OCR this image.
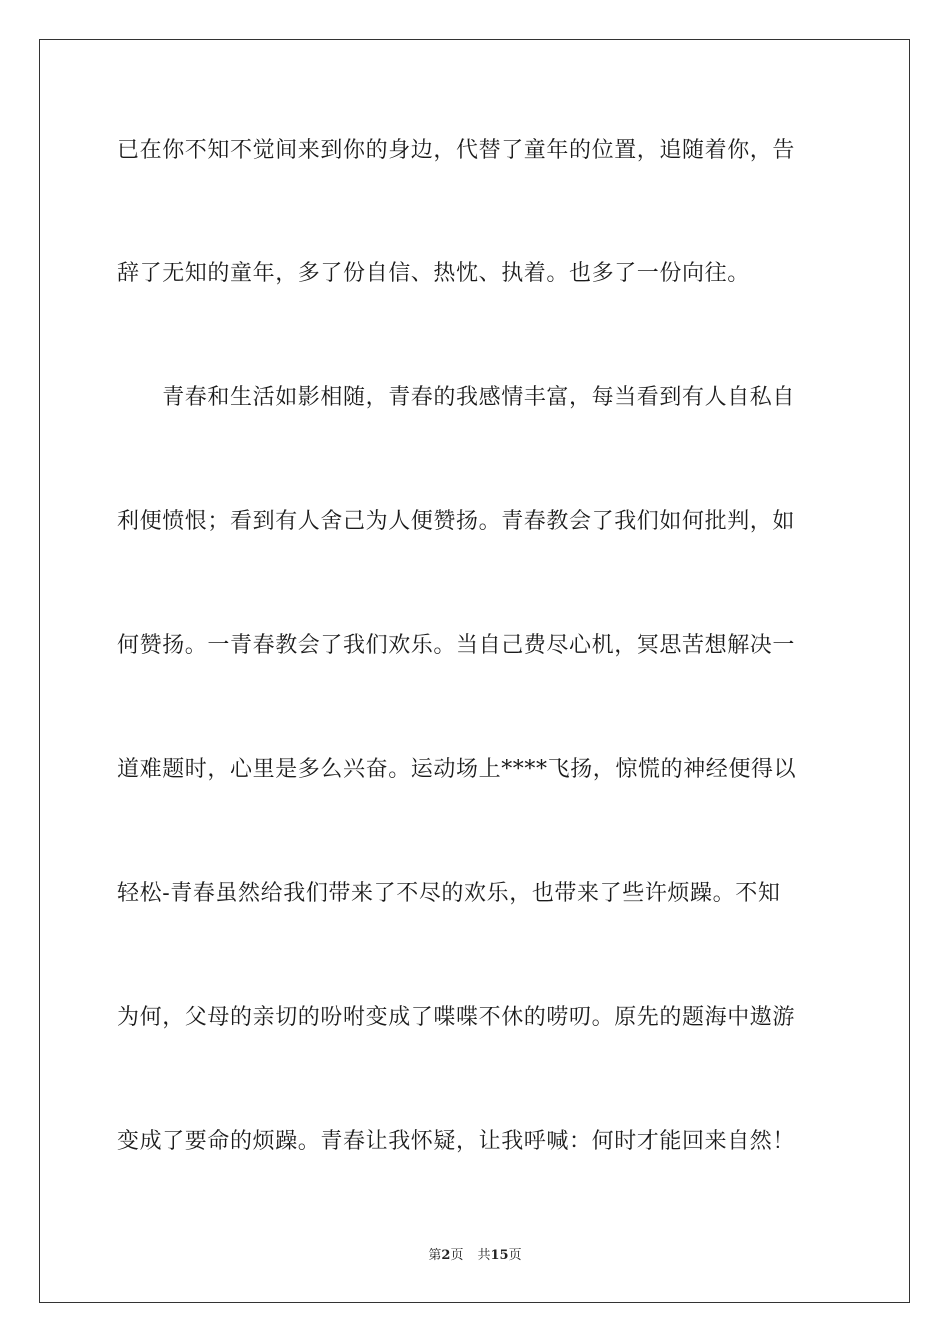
已在你不知不觉间来到你的身边，代替了童年的位置，追随着你，告
辞了无知的童年，多了份自信、热忱、执着。也多了一份向往。
　　青春和生活如影相随，青春的我感情丰富，每当看到有人自私自
利便愤恨；看到有人舍己为人便赞扬。青春教会了我们如何批判，如
何赞扬。一青春教会了我们欢乐。当自己费尽心机，冥思苦想解决一
道难题时，心里是多么兴奋。运动场上****飞扬，惊慌的神经便得以
轻松-青春虽然给我们带来了不尽的欢乐，也带来了些许烦躁。不知
为何，父母的亲切的吩咐变成了喋喋不休的唠叨。原先的题海中遨游
变成了要命的烦躁。青春让我怀疑，让我呼喊：何时才能回来自然！
第2页 共15页
